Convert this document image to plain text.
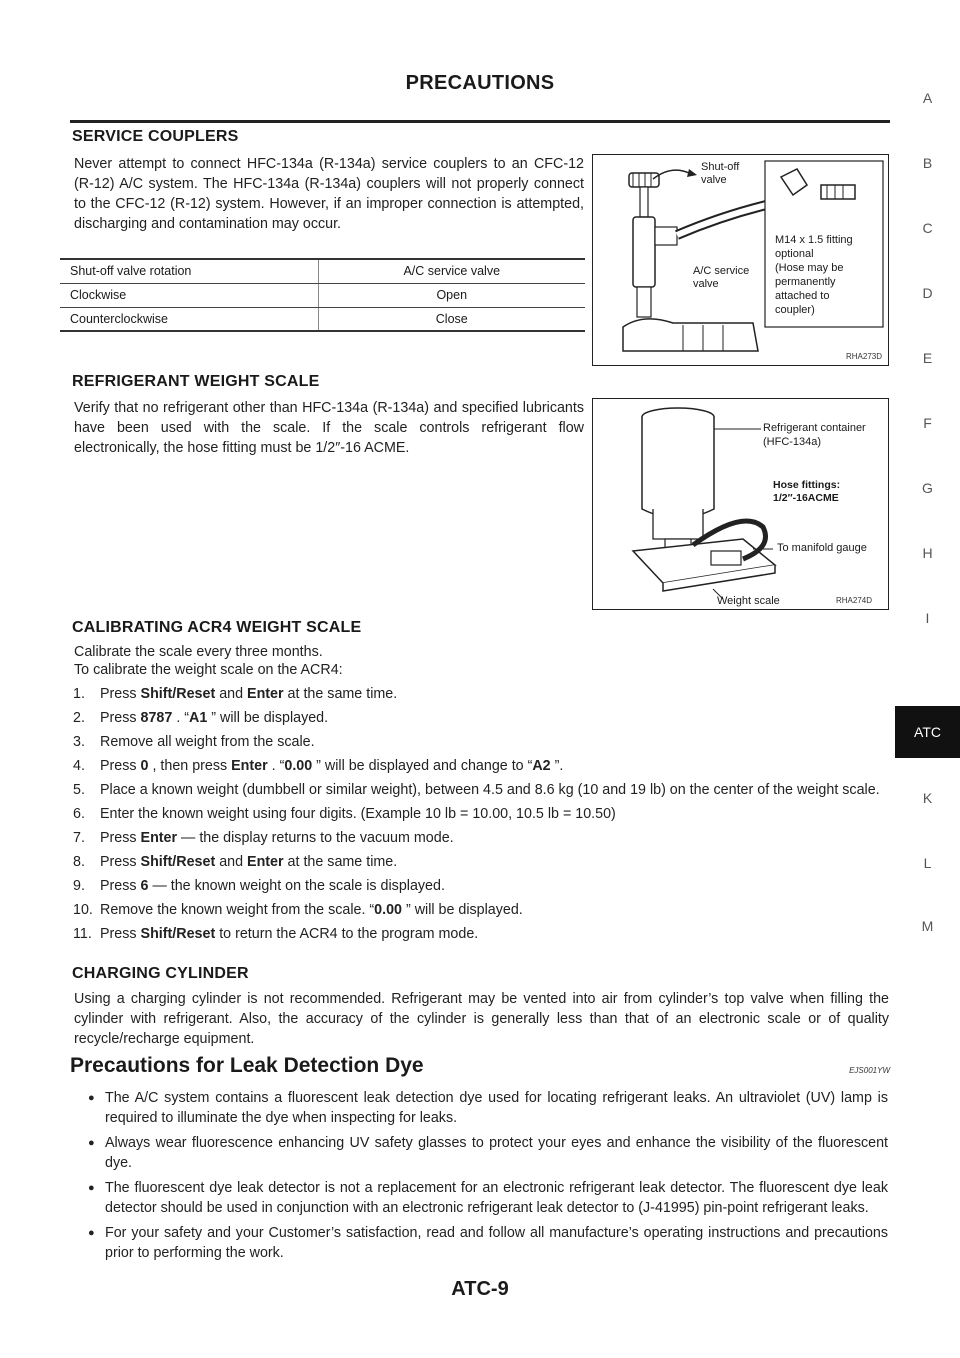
PRECAUTIONS
A
B
C
D
E
F
G
H
I
ATC
K
L
M
SERVICE COUPLERS
Never attempt to connect HFC-134a (R-134a) service couplers to an CFC-12 (R-12) A/C system. The HFC-134a (R-134a) couplers will not properly connect to the CFC-12 (R-12) system. However, if an improper connection is attempted, discharging and contamination may occur.
Shut-off valve rotation	A/C service valve
Clockwise	Open
Counterclockwise	Close
Shut-off
valve
A/C service
valve
M14 x 1.5 fitting
optional
(Hose may be
permanently
attached to
coupler)
RHA273D
REFRIGERANT WEIGHT SCALE
Verify that no refrigerant other than HFC-134a (R-134a) and specified lubricants have been used with the scale. If the scale controls refrigerant flow electronically, the hose fitting must be 1/2″-16 ACME.
Refrigerant container
(HFC-134a)
Hose fittings:
1/2″-16ACME
To manifold gauge
Weight scale	RHA274D
CALIBRATING ACR4 WEIGHT SCALE
Calibrate the scale every three months.
To calibrate the weight scale on the ACR4:
1. Press Shift/Reset and Enter at the same time.
2. Press 8787 . “A1 ” will be displayed.
3. Remove all weight from the scale.
4. Press 0 , then press Enter . “0.00 ” will be displayed and change to “A2 ”.
5. Place a known weight (dumbbell or similar weight), between 4.5 and 8.6 kg (10 and 19 lb) on the center of the weight scale.
6. Enter the known weight using four digits. (Example 10 lb = 10.00, 10.5 lb = 10.50)
7. Press Enter — the display returns to the vacuum mode.
8. Press Shift/Reset and Enter at the same time.
9. Press 6 — the known weight on the scale is displayed.
10. Remove the known weight from the scale. “0.00 ” will be displayed.
11. Press Shift/Reset to return the ACR4 to the program mode.
CHARGING CYLINDER
Using a charging cylinder is not recommended. Refrigerant may be vented into air from cylinder’s top valve when filling the cylinder with refrigerant. Also, the accuracy of the cylinder is generally less than that of an electronic scale or of quality recycle/recharge equipment.
Precautions for Leak Detection Dye	EJS001YW
● The A/C system contains a fluorescent leak detection dye used for locating refrigerant leaks. An ultraviolet (UV) lamp is required to illuminate the dye when inspecting for leaks.
● Always wear fluorescence enhancing UV safety glasses to protect your eyes and enhance the visibility of the fluorescent dye.
● The fluorescent dye leak detector is not a replacement for an electronic refrigerant leak detector. The fluorescent dye leak detector should be used in conjunction with an electronic refrigerant leak detector to (J-41995) pin-point refrigerant leaks.
● For your safety and your Customer’s satisfaction, read and follow all manufacture’s operating instructions and precautions prior to performing the work.
ATC-9
